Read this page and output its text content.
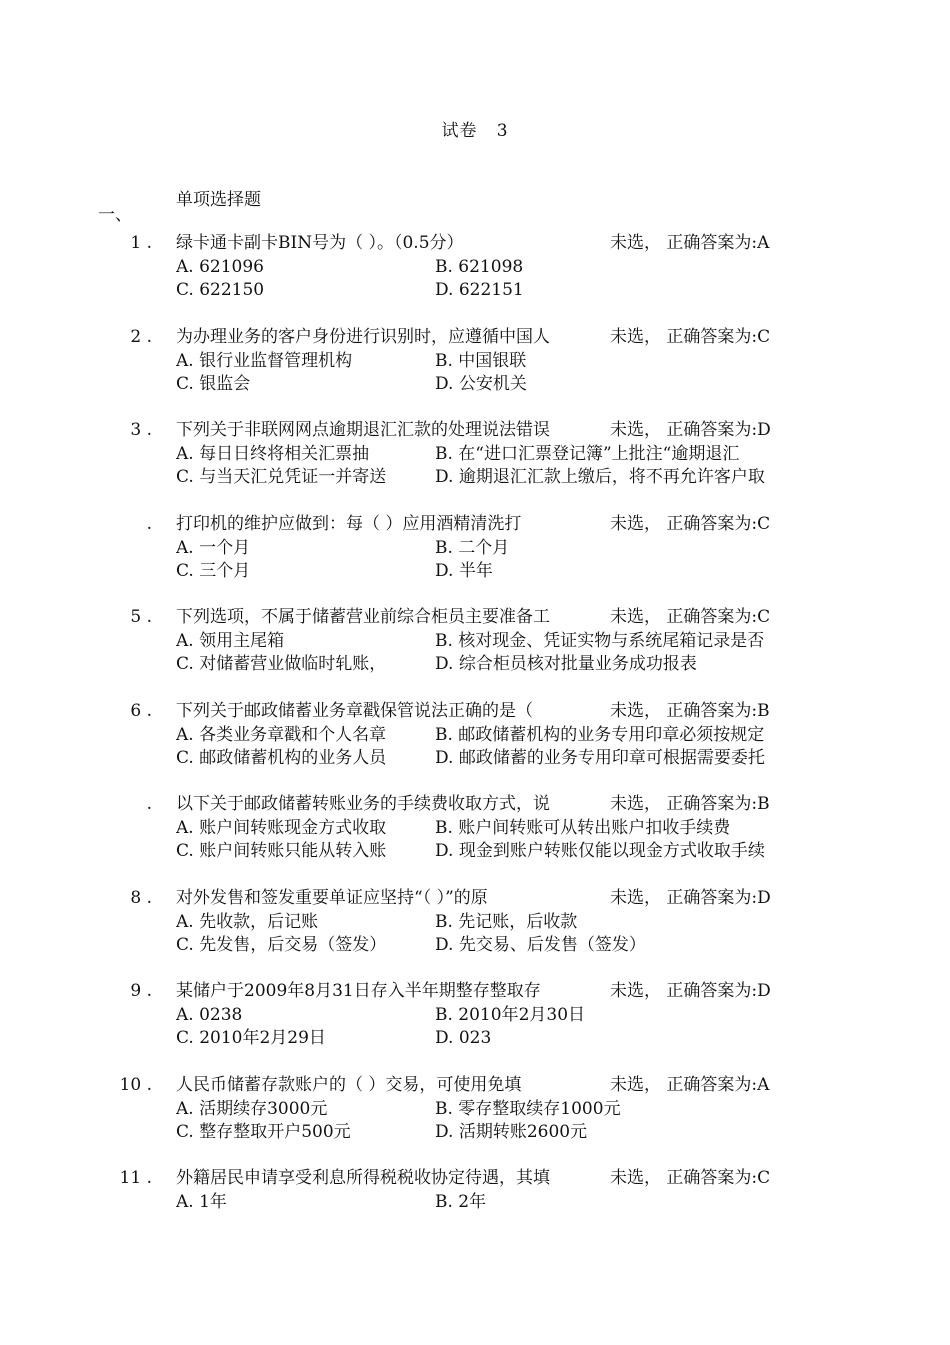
试卷   3
一、
单项选择题
1 . 绿卡通卡副卡BIN号为（ ）。（0.5分）	未选， 正确答案为:A
A. 621096	B. 621098
C. 622150	D. 622151
2 . 为办理业务的客户身份进行识别时，应遵循中国人	未选， 正确答案为:C
A. 银行业监督管理机构	B. 中国银联
C. 银监会	D. 公安机关
3 . 下列关于非联网网点逾期退汇汇款的处理说法错误	未选， 正确答案为:D
A. 每日日终将相关汇票抽	B. 在“进口汇票登记簿”上批注“逾期退汇
C. 与当天汇兑凭证一并寄送	D. 逾期退汇汇款上缴后，将不再允许客户取
. 打印机的维护应做到：每（ ）应用酒精清洗打	未选， 正确答案为:C
A. 一个月	B. 二个月
C. 三个月	D. 半年
5 . 下列选项，不属于储蓄营业前综合柜员主要准备工	未选， 正确答案为:C
A. 领用主尾箱	B. 核对现金、凭证实物与系统尾箱记录是否
C. 对储蓄营业做临时轧账，	D. 综合柜员核对批量业务成功报表
6 . 下列关于邮政储蓄业务章戳保管说法正确的是（	未选， 正确答案为:B
A. 各类业务章戳和个人名章	B. 邮政储蓄机构的业务专用印章必须按规定
C. 邮政储蓄机构的业务人员	D. 邮政储蓄的业务专用印章可根据需要委托
. 以下关于邮政储蓄转账业务的手续费收取方式，说	未选， 正确答案为:B
A. 账户间转账现金方式收取	B. 账户间转账可从转出账户扣收手续费
C. 账户间转账只能从转入账	D. 现金到账户转账仅能以现金方式收取手续
8 . 对外发售和签发重要单证应坚持“（ ）”的原	未选， 正确答案为:D
A. 先收款，后记账	B. 先记账，后收款
C. 先发售，后交易（签发）	D. 先交易、后发售（签发）
9 . 某储户于2009年8月31日存入半年期整存整取存	未选， 正确答案为:D
A. 0238	B. 2010年2月30日
C. 2010年2月29日	D. 023
10 . 人民币储蓄存款账户的（ ）交易，可使用免填	未选， 正确答案为:A
A. 活期续存3000元	B. 零存整取续存1000元
C. 整存整取开户500元	D. 活期转账2600元
11 . 外籍居民申请享受利息所得税税收协定待遇，其填	未选， 正确答案为:C
A. 1年	B. 2年
